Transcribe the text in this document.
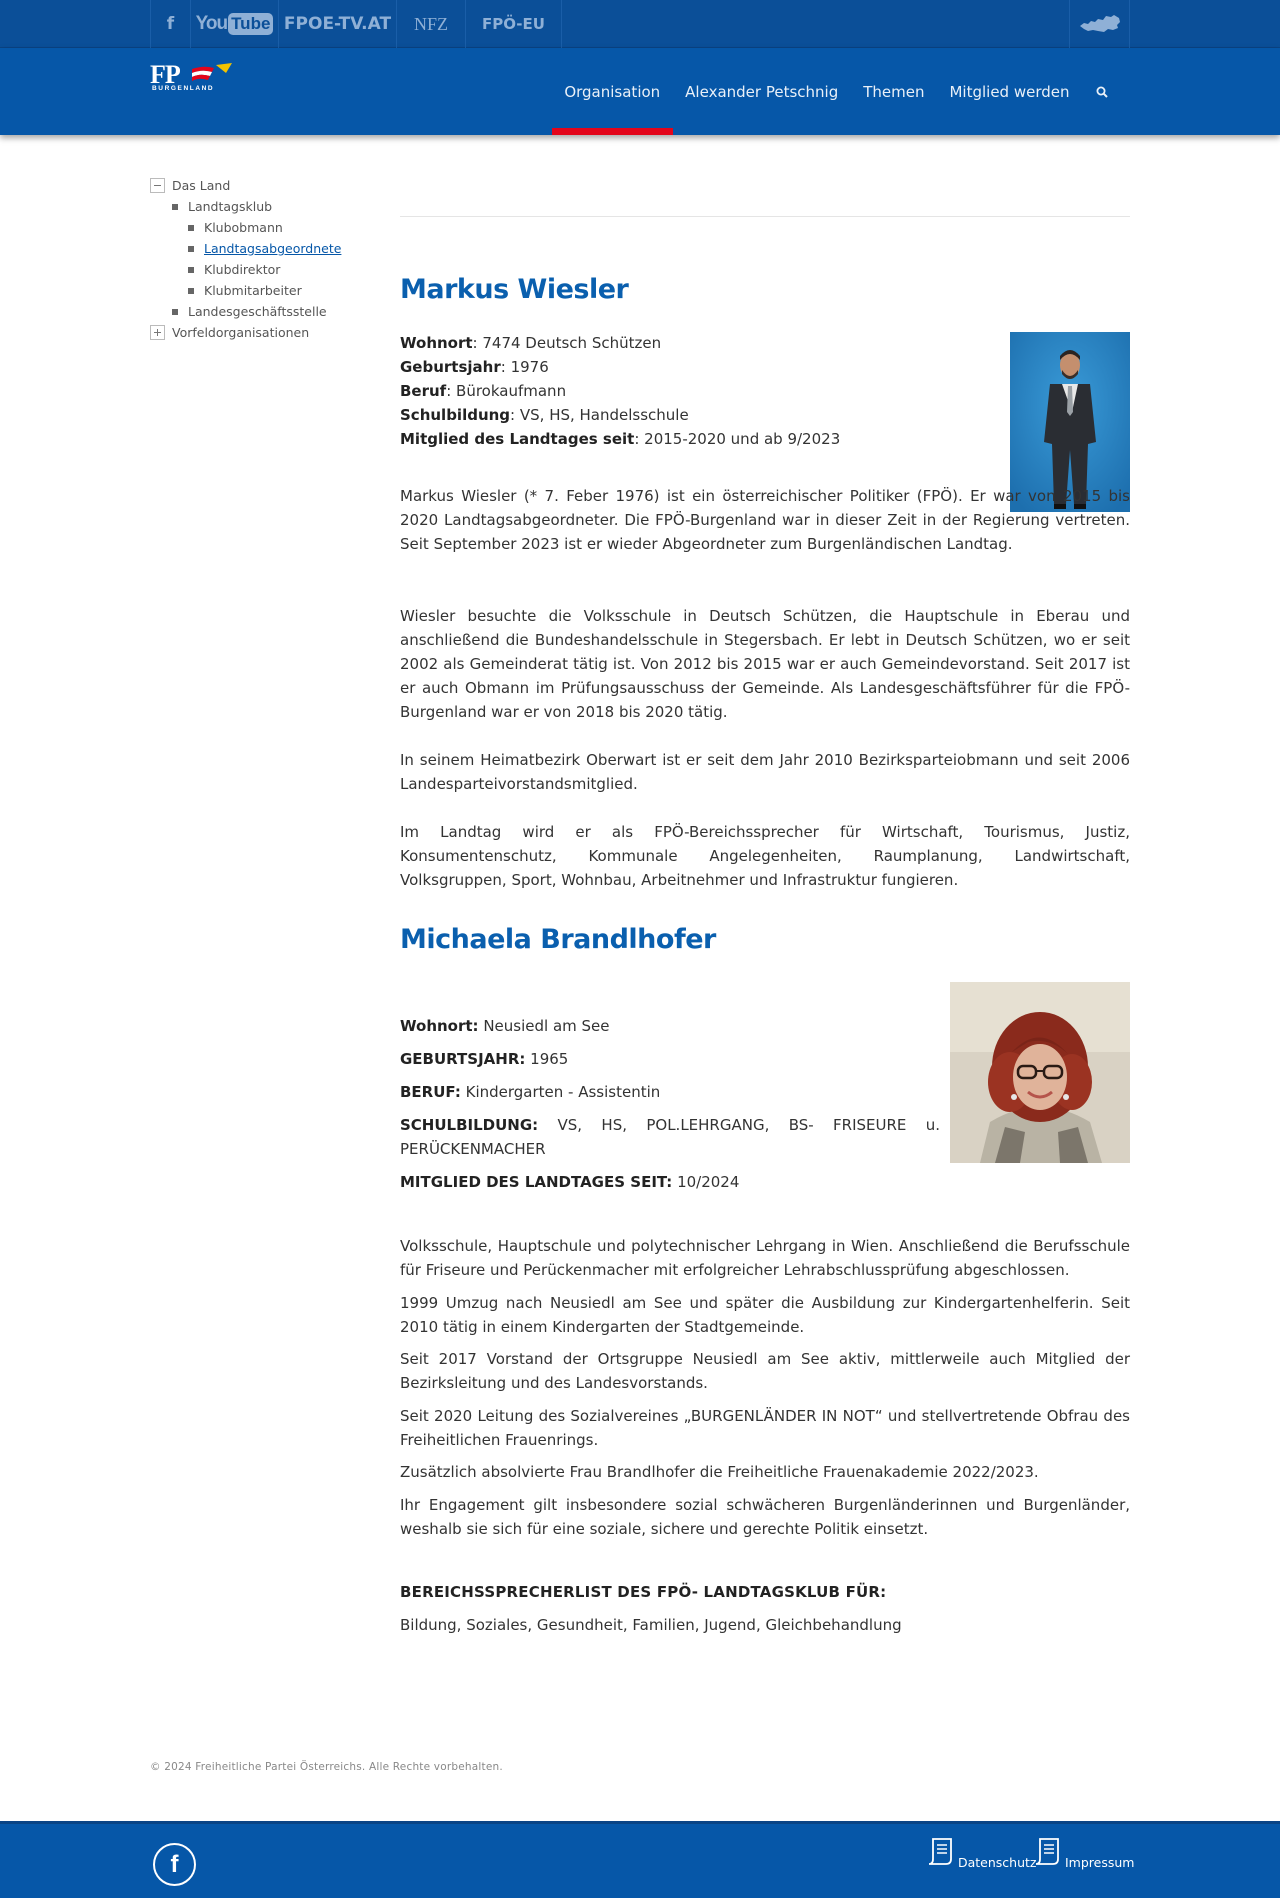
f You Tube FPOE-TV.AT NFZ FPÖ-EU
FP
BURGENLAND	Organisation	Alexander Petschnig	Themen	Mitglied werden
Das Land
Landtagsklub
Klubobmann
Landtagsabgeordnete
Klubdirektor
Klubmitarbeiter
Landesgeschäftsstelle
Vorfeldorganisationen
Markus Wiesler
Wohnort: 7474 Deutsch Schützen
Geburtsjahr: 1976
Beruf: Bürokaufmann
Schulbildung: VS, HS, Handelsschule
Mitglied des Landtages seit: 2015-2020 und ab 9/2023
Markus Wiesler (* 7. Feber 1976) ist ein österreichischer Politiker (FPÖ). Er war von 2015 bis 2020 Landtagsabgeordneter. Die FPÖ-Burgenland war in dieser Zeit in der Regierung vertreten. Seit September 2023 ist er wieder Abgeordneter zum Burgenländischen Landtag.
Wiesler besuchte die Volksschule in Deutsch Schützen, die Hauptschule in Eberau und anschließend die Bundeshandelsschule in Stegersbach. Er lebt in Deutsch Schützen, wo er seit 2002 als Gemeinderat tätig ist. Von 2012 bis 2015 war er auch Gemeindevorstand. Seit 2017 ist er auch Obmann im Prüfungsausschuss der Gemeinde. Als Landesgeschäftsführer für die FPÖ-Burgenland war er von 2018 bis 2020 tätig.
In seinem Heimatbezirk Oberwart ist er seit dem Jahr 2010 Bezirksparteiobmann und seit 2006 Landesparteivorstandsmitglied.
Im Landtag wird er als FPÖ-Bereichssprecher für Wirtschaft, Tourismus, Justiz, Konsumentenschutz, Kommunale Angelegenheiten, Raumplanung, Landwirtschaft, Volksgruppen, Sport, Wohnbau, Arbeitnehmer und Infrastruktur fungieren.
Michaela Brandlhofer
Wohnort: Neusiedl am See
GEBURTSJAHR: 1965
BERUF: Kindergarten - Assistentin
SCHULBILDUNG: VS, HS, POL.LEHRGANG, BS- FRISEURE u. PERÜCKENMACHER
MITGLIED DES LANDTAGES SEIT: 10/2024
Volksschule, Hauptschule und polytechnischer Lehrgang in Wien. Anschließend die Berufsschule für Friseure und Perückenmacher mit erfolgreicher Lehrabschlussprüfung abgeschlossen.
1999 Umzug nach Neusiedl am See und später die Ausbildung zur Kindergartenhelferin. Seit 2010 tätig in einem Kindergarten der Stadtgemeinde.
Seit 2017 Vorstand der Ortsgruppe Neusiedl am See aktiv, mittlerweile auch Mitglied der Bezirksleitung und des Landesvorstands.
Seit 2020 Leitung des Sozialvereines „BURGENLÄNDER IN NOT“ und stellvertretende Obfrau des Freiheitlichen Frauenrings.
Zusätzlich absolvierte Frau Brandlhofer die Freiheitliche Frauenakademie 2022/2023.
Ihr Engagement gilt insbesondere sozial schwächeren Burgenländerinnen und Burgenländer, weshalb sie sich für eine soziale, sichere und gerechte Politik einsetzt.
BEREICHSSPRECHERLIST DES FPÖ- LANDTAGSKLUB FÜR:
Bildung, Soziales, Gesundheit, Familien, Jugend, Gleichbehandlung
© 2024 Freiheitliche Partei Österreichs. Alle Rechte vorbehalten.
f	Datenschutz Impressum
